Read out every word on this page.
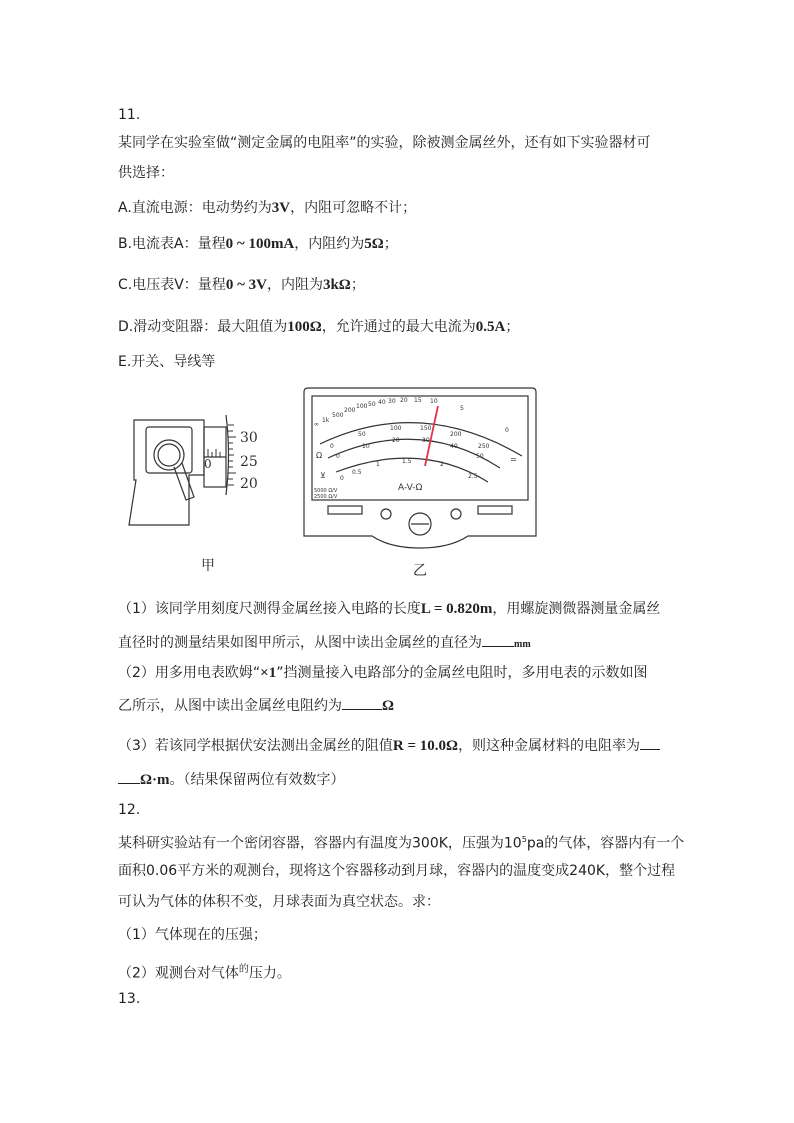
11.
某同学在实验室做“测定金属的电阻率”的实验，除被测金属丝外，还有如下实验器材可
供选择：
A.直流电源：电动势约为3V，内阻可忽略不计；
B.电流表A：量程0 ~ 100mA，内阻约为5Ω；
C.电压表V：量程0 ~ 3V，内阻为3kΩ；
D.滑动变阻器：最大阻值为100Ω，允许通过的最大电流为0.5A；
E.开关、导线等
30
25
20
0
甲
∞
1k
500
200
100 50 40 30 20 15 10
5
0
0
50
100	150
200
250
0
10
20	30
40
50
0
0.5
1	1.5	2
2.5
Ω	≃
⊻
A-V-Ω
5000 Ω/V
2500 Ω/V
乙
（1）该同学用刻度尺测得金属丝接入电路的长度L = 0.820m，用螺旋测微器测量金属丝
直径时的测量结果如图甲所示，从图中读出金属丝的直径为	mm
（2）用多用电表欧姆“×1”挡测量接入电路部分的金属丝电阻时，多用电表的示数如图
乙所示，从图中读出金属丝电阻约为	Ω
（3）若该同学根据伏安法测出金属丝的阻值R = 10.0Ω，则这种金属材料的电阻率为
Ω·m。（结果保留两位有效数字）
12.
某科研实验站有一个密闭容器，容器内有温度为300K，压强为$10^5pa$的气体，容器内有一个
面积0.06平方米的观测台，现将这个容器移动到月球，容器内的温度变成240K，整个过程
可认为气体的体积不变，月球表面为真空状态。求：
（1）气体现在的压强；
（2）观测台对气体$^的$压力。
13.
